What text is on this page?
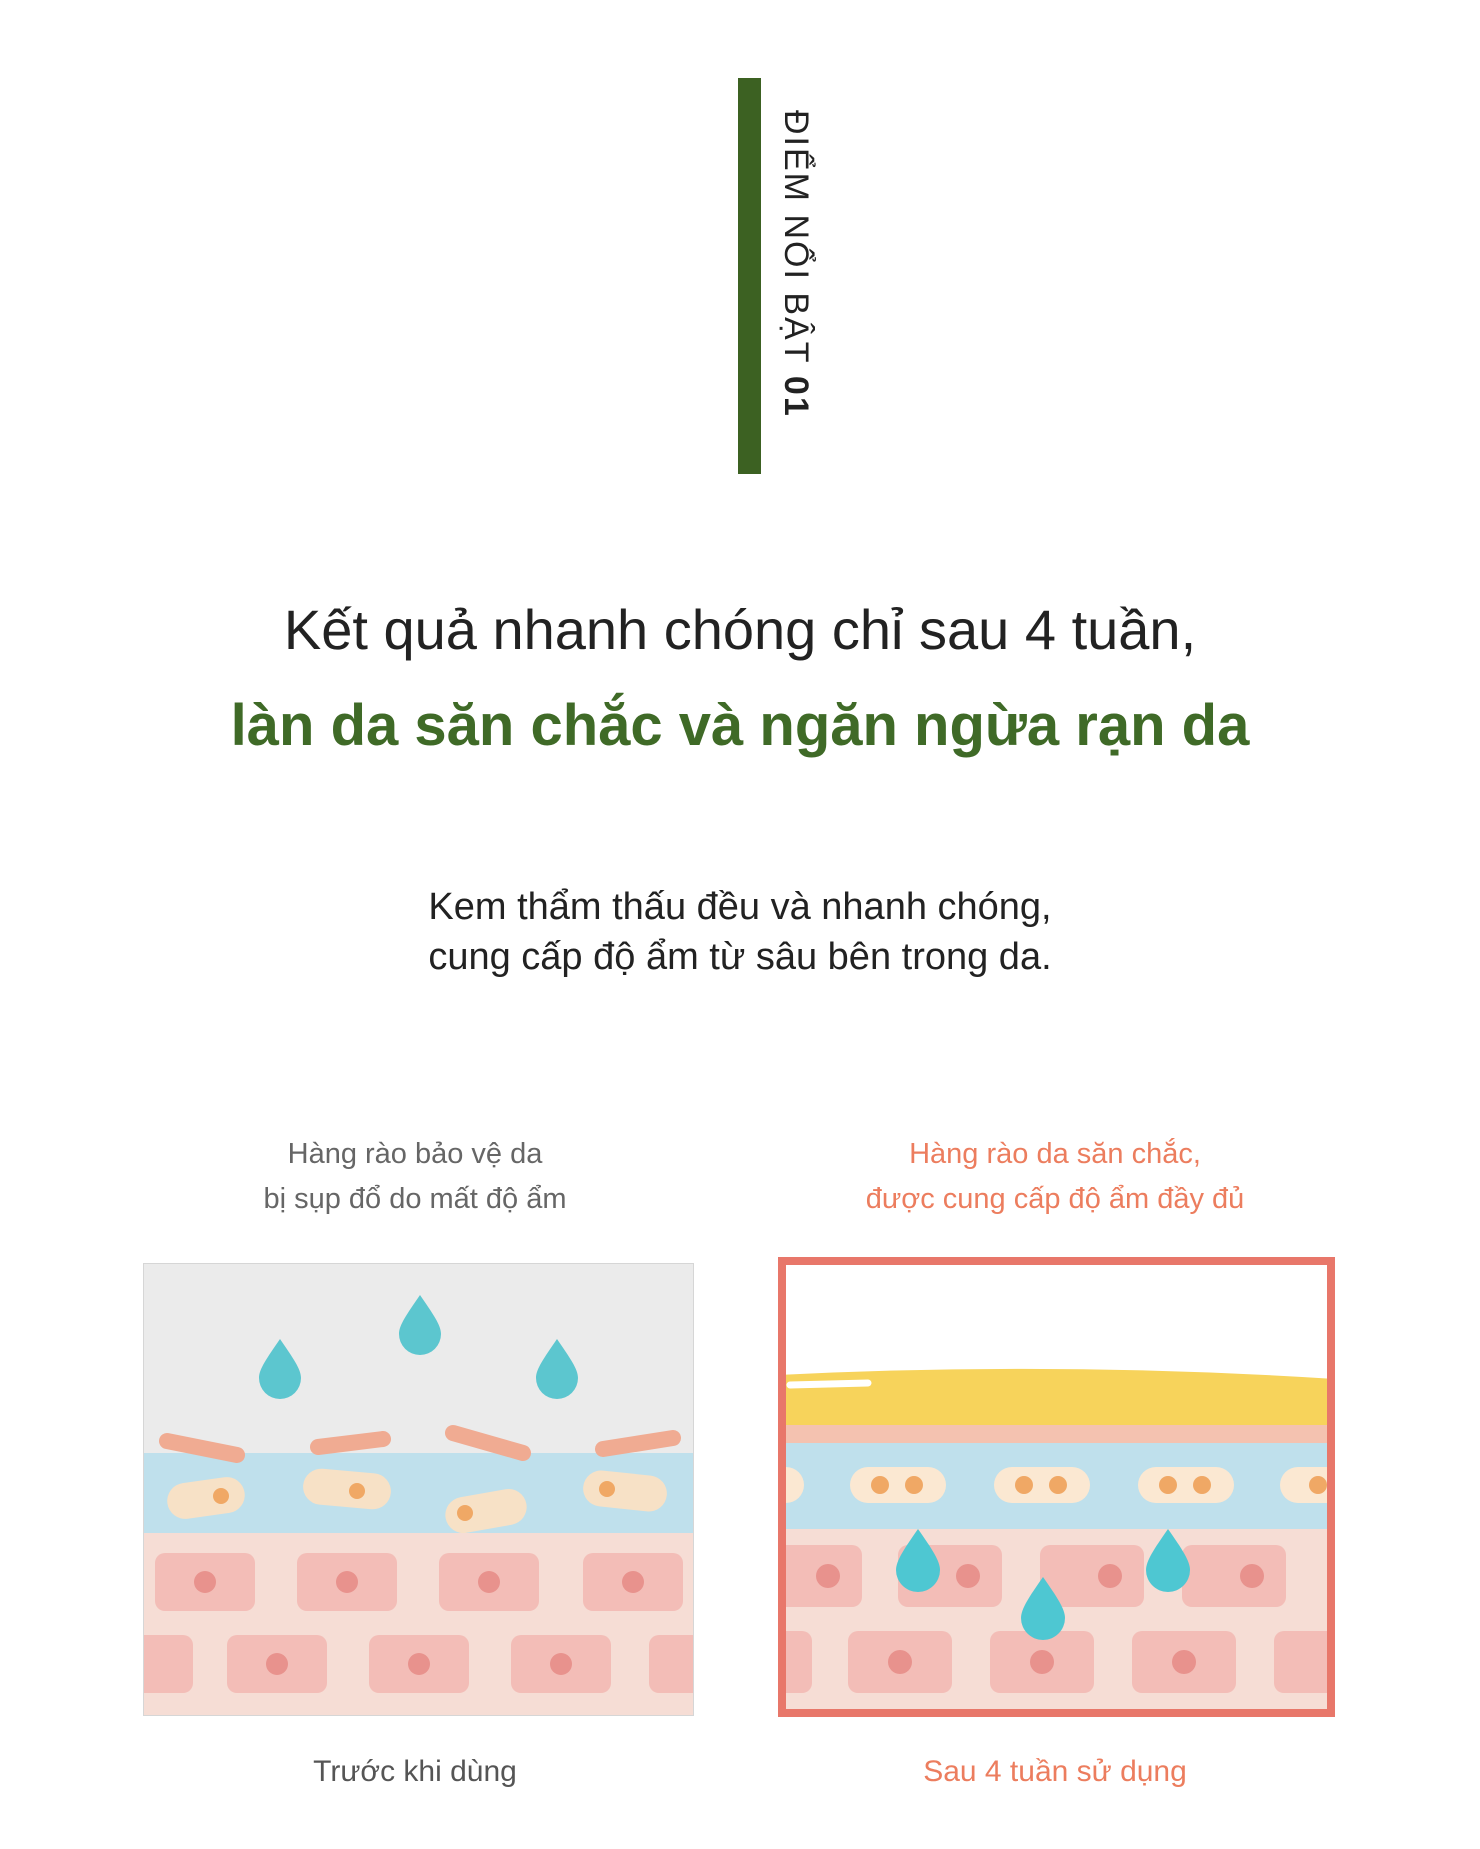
ĐIỂM NỔI BẬT 01
Kết quả nhanh chóng chỉ sau 4 tuần,
làn da săn chắc và ngăn ngừa rạn da
Kem thẩm thấu đều và nhanh chóng,
cung cấp độ ẩm từ sâu bên trong da.
Hàng rào bảo vệ da
bị sụp đổ do mất độ ẩm
Hàng rào da săn chắc,
được cung cấp độ ẩm đầy đủ
Trước khi dùng	Sau 4 tuần sử dụng
